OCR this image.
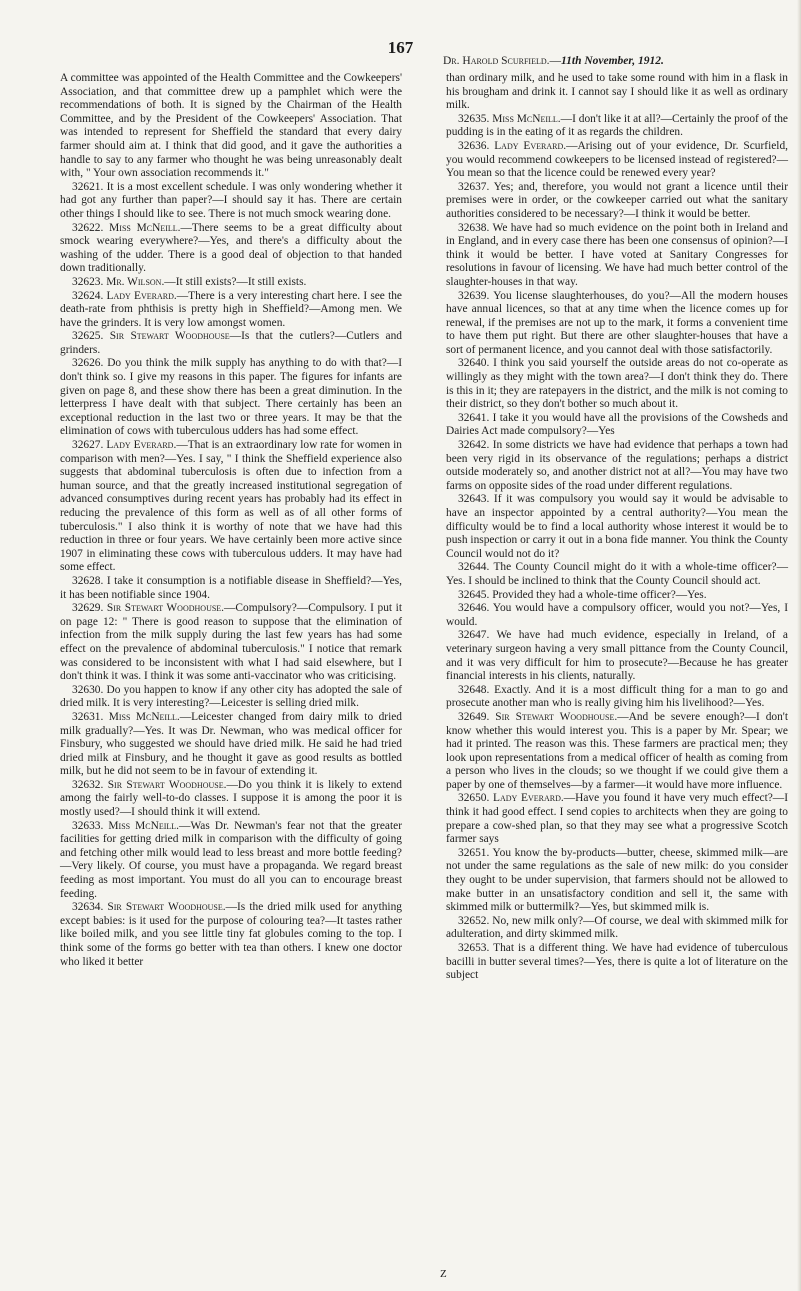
167
Dr. Harold Scurfield.—11th November, 1912.

A committee was appointed of the Health Committee and the Cowkeepers' Association, and that committee drew up a pamphlet which were the recommendations of both. It is signed by the Chairman of the Health Committee, and by the President of the Cowkeepers' Association. That was intended to represent for Sheffield the standard that every dairy farmer should aim at. I think that did good, and it gave the authorities a handle to say to any farmer who thought he was being unreasonably dealt with, " Your own association recommends it."

32621. It is a most excellent schedule. I was only wondering whether it had got any further than paper?—I should say it has. There are certain other things I should like to see. There is not much smock wearing done.

32622. Miss McNeill.—There seems to be a great difficulty about smock wearing everywhere?—Yes, and there's a difficulty about the washing of the udder. There is a good deal of objection to that handed down traditionally.

32623. Mr. Wilson.—It still exists?—It still exists.

32624. Lady Everard.—There is a very interesting chart here. I see the death-rate from phthisis is pretty high in Sheffield?—Among men. We have the grinders. It is very low amongst women.

32625. Sir Stewart Woodhouse—Is that the cutlers?—Cutlers and grinders.

32626. Do you think the milk supply has anything to do with that?—I don't think so. I give my reasons in this paper. The figures for infants are given on page 8, and these show there has been a great diminution. In the letterpress I have dealt with that subject. There certainly has been an exceptional reduction in the last two or three years. It may be that the elimination of cows with tuberculous udders has had some effect.

32627. Lady Everard.—That is an extraordinary low rate for women in comparison with men?—Yes. I say, " I think the Sheffield experience also suggests that abdominal tuberculosis is often due to infection from a human source, and that the greatly increased institutional segregation of advanced consumptives during recent years has probably had its effect in reducing the prevalence of this form as well as of all other forms of tuberculosis." I also think it is worthy of note that we have had this reduction in three or four years. We have certainly been more active since 1907 in eliminating these cows with tuberculous udders. It may have had some effect.

32628. I take it consumption is a notifiable disease in Sheffield?—Yes, it has been notifiable since 1904.

32629. Sir Stewart Woodhouse.—Compulsory?—Compulsory. I put it on page 12: " There is good reason to suppose that the elimination of infection from the milk supply during the last few years has had some effect on the prevalence of abdominal tuberculosis." I notice that remark was considered to be inconsistent with what I had said elsewhere, but I don't think it was. I think it was some anti-vaccinator who was criticising.

32630. Do you happen to know if any other city has adopted the sale of dried milk. It is very interesting?—Leicester is selling dried milk.

32631. Miss McNeill.—Leicester changed from dairy milk to dried milk gradually?—Yes. It was Dr. Newman, who was medical officer for Finsbury, who suggested we should have dried milk. He said he had tried dried milk at Finsbury, and he thought it gave as good results as bottled milk, but he did not seem to be in favour of extending it.

32632. Sir Stewart Woodhouse.—Do you think it is likely to extend among the fairly well-to-do classes. I suppose it is among the poor it is mostly used?—I should think it will extend.

32633. Miss McNeill.—Was Dr. Newman's fear not that the greater facilities for getting dried milk in comparison with the difficulty of going and fetching other milk would lead to less breast and more bottle feeding?—Very likely. Of course, you must have a propaganda. We regard breast feeding as most important. You must do all you can to encourage breast feeding.

32634. Sir Stewart Woodhouse.—Is the dried milk used for anything except babies: is it used for the purpose of colouring tea?—It tastes rather like boiled milk, and you see little tiny fat globules coming to the top. I think some of the forms go better with tea than others. I knew one doctor who liked it better

than ordinary milk, and he used to take some round with him in a flask in his brougham and drink it. I cannot say I should like it as well as ordinary milk.

32635. Miss McNeill.—I don't like it at all?—Certainly the proof of the pudding is in the eating of it as regards the children.

32636. Lady Everard.—Arising out of your evidence, Dr. Scurfield, you would recommend cowkeepers to be licensed instead of registered?—You mean so that the licence could be renewed every year?

32637. Yes; and, therefore, you would not grant a licence until their premises were in order, or the cowkeeper carried out what the sanitary authorities considered to be necessary?—I think it would be better.

32638. We have had so much evidence on the point both in Ireland and in England, and in every case there has been one consensus of opinion?—I think it would be better. I have voted at Sanitary Congresses for resolutions in favour of licensing. We have had much better control of the slaughter-houses in that way.

32639. You license slaughterhouses, do you?—All the modern houses have annual licences, so that at any time when the licence comes up for renewal, if the premises are not up to the mark, it forms a convenient time to have them put right. But there are other slaughter-houses that have a sort of permanent licence, and you cannot deal with those satisfactorily.

32640. I think you said yourself the outside areas do not co-operate as willingly as they might with the town area?—I don't think they do. There is this in it; they are ratepayers in the district, and the milk is not coming to their district, so they don't bother so much about it.

32641. I take it you would have all the provisions of the Cowsheds and Dairies Act made compulsory?—Yes

32642. In some districts we have had evidence that perhaps a town had been very rigid in its observance of the regulations; perhaps a district outside moderately so, and another district not at all?—You may have two farms on opposite sides of the road under different regulations.

32643. If it was compulsory you would say it would be advisable to have an inspector appointed by a central authority?—You mean the difficulty would be to find a local authority whose interest it would be to push inspection or carry it out in a bona fide manner. You think the County Council would not do it?

32644. The County Council might do it with a whole-time officer?—Yes. I should be inclined to think that the County Council should act.

32645. Provided they had a whole-time officer?—Yes.

32646. You would have a compulsory officer, would you not?—Yes, I would.

32647. We have had much evidence, especially in Ireland, of a veterinary surgeon having a very small pittance from the County Council, and it was very difficult for him to prosecute?—Because he has greater financial interests in his clients, naturally.

32648. Exactly. And it is a most difficult thing for a man to go and prosecute another man who is really giving him his livelihood?—Yes.

32649. Sir Stewart Woodhouse.—And be severe enough?—I don't know whether this would interest you. This is a paper by Mr. Spear; we had it printed. The reason was this. These farmers are practical men; they look upon representations from a medical officer of health as coming from a person who lives in the clouds; so we thought if we could give them a paper by one of themselves—by a farmer—it would have more influence.

32650. Lady Everard.—Have you found it have very much effect?—I think it had good effect. I send copies to architects when they are going to prepare a cow-shed plan, so that they may see what a progressive Scotch farmer says

32651. You know the by-products—butter, cheese, skimmed milk—are not under the same regulations as the sale of new milk: do you consider they ought to be under supervision, that farmers should not be allowed to make butter in an unsatisfactory condition and sell it, the same with skimmed milk or buttermilk?—Yes, but skimmed milk is.

32652. No, new milk only?—Of course, we deal with skimmed milk for adulteration, and dirty skimmed milk.

32653. That is a different thing. We have had evidence of tuberculous bacilli in butter several times?—Yes, there is quite a lot of literature on the subject

Z
